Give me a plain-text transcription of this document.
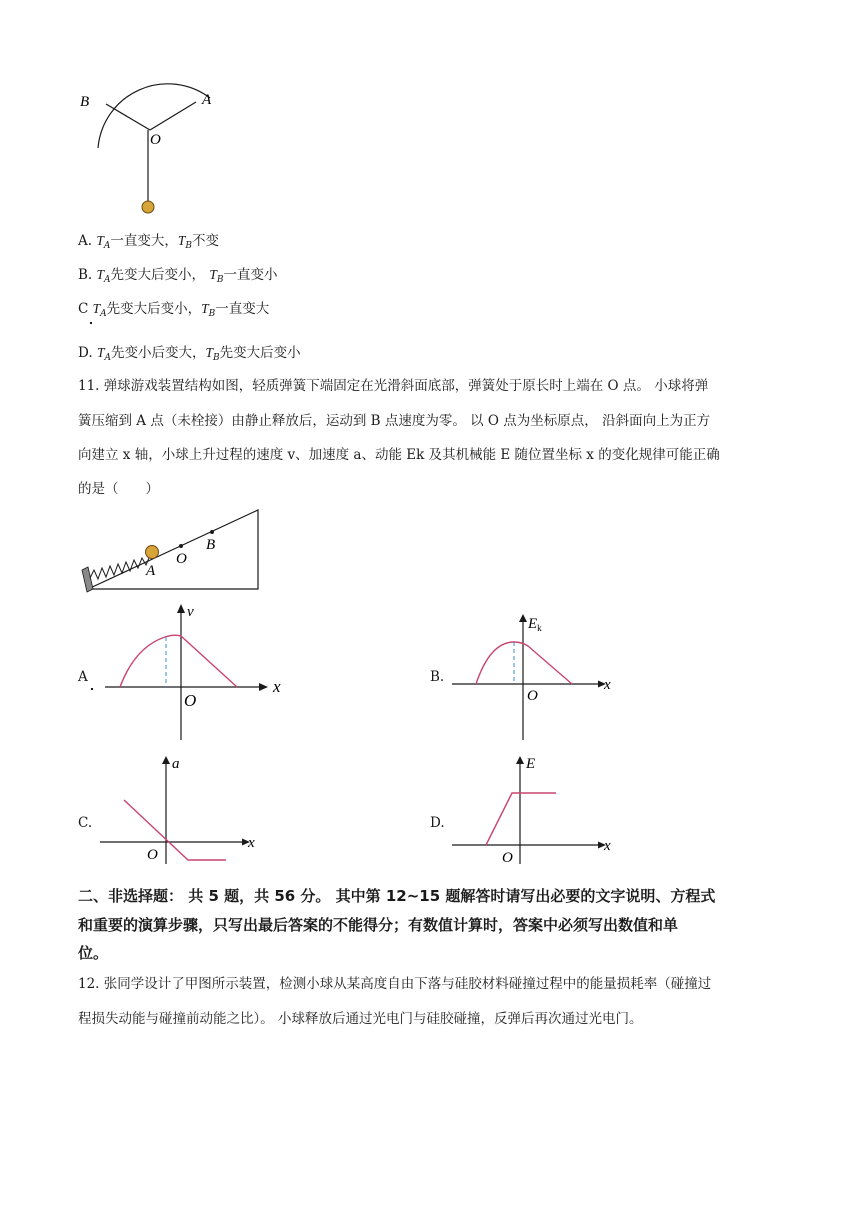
B	A
O
A. $T_A$一直变大，$T_B$不变
B. $T_A$先变大后变小， $T_B$一直变小
C $T_A$先变大后变小，$T_B$一直变大
D. $T_A$先变小后变大，$T_B$先变大后变小
11. 弹球游戏装置结构如图，轻质弹簧下端固定在光滑斜面底部，弹簧处于原长时上端在 O 点。 小球将弹
簧压缩到 A 点（未栓接）由静止释放后，运动到 B 点速度为零。 以 O 点为坐标原点， 沿斜面向上为正方
向建立 x 轴，小球上升过程的速度 v、加速度 a、动能 Ek 及其机械能 E 随位置坐标 x 的变化规律可能正确
的是（　　）
A
O
B
A
v
x
O
B.
$E_k$
x
O
C.
a
x
O
D.
E
x
O
二、非选择题： 共 5 题，共 56 分。 其中第 12~15 题解答时请写出必要的文字说明、方程式
和重要的演算步骤，只写出最后答案的不能得分；有数值计算时，答案中必须写出数值和单
位。
12. 张同学设计了甲图所示装置，检测小球从某高度自由下落与硅胶材料碰撞过程中的能量损耗率（碰撞过
程损失动能与碰撞前动能之比）。 小球释放后通过光电门与硅胶碰撞，反弹后再次通过光电门。
